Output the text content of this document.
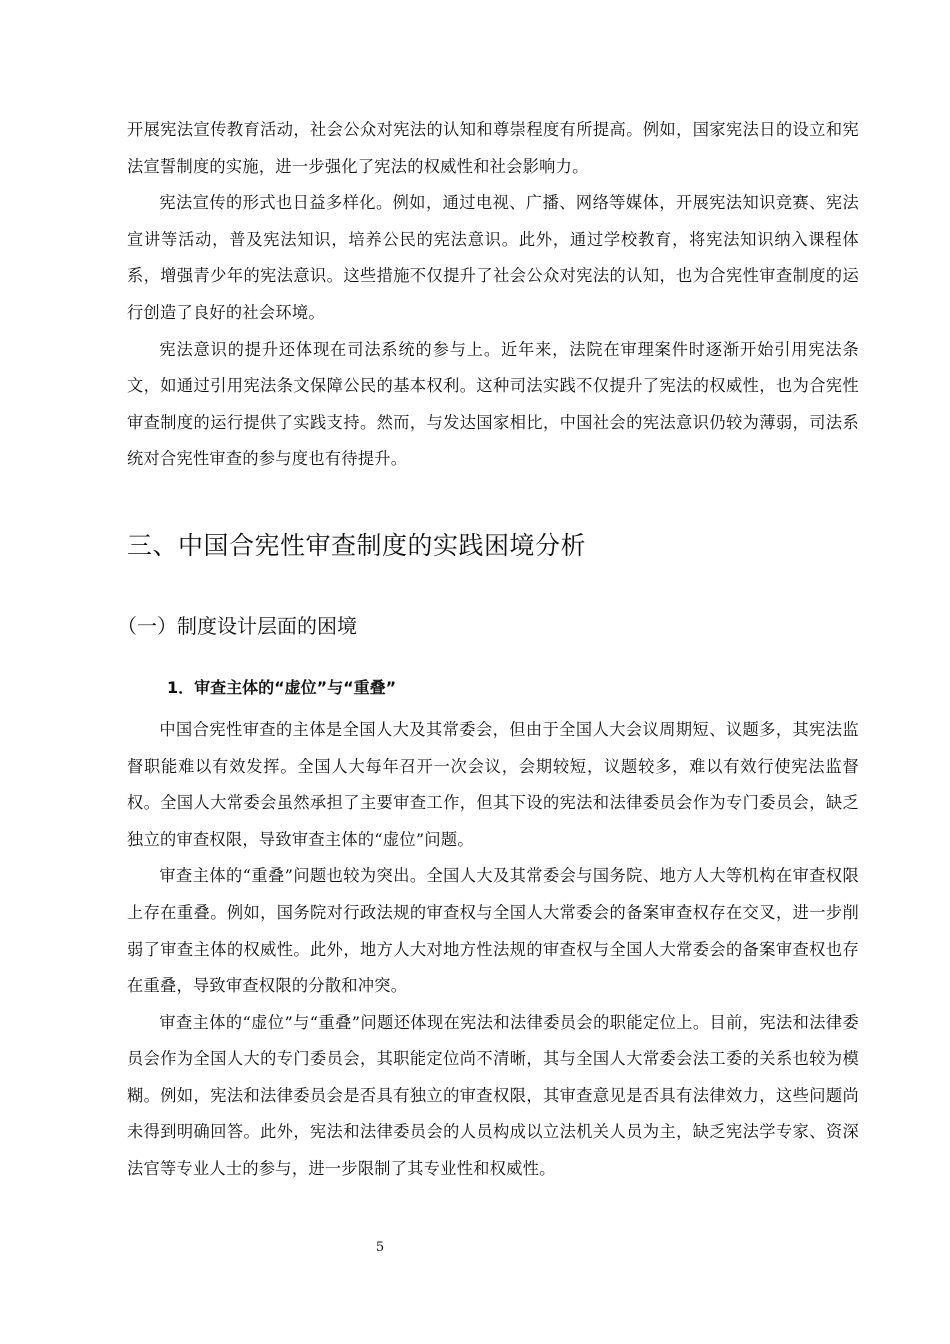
开展宪法宣传教育活动，社会公众对宪法的认知和尊崇程度有所提高。例如，国家宪法日的设立和宪法宣誓制度的实施，进一步强化了宪法的权威性和社会影响力。

宪法宣传的形式也日益多样化。例如，通过电视、广播、网络等媒体，开展宪法知识竞赛、宪法宣讲等活动，普及宪法知识，培养公民的宪法意识。此外，通过学校教育，将宪法知识纳入课程体系，增强青少年的宪法意识。这些措施不仅提升了社会公众对宪法的认知，也为合宪性审查制度的运行创造了良好的社会环境。

宪法意识的提升还体现在司法系统的参与上。近年来，法院在审理案件时逐渐开始引用宪法条文，如通过引用宪法条文保障公民的基本权利。这种司法实践不仅提升了宪法的权威性，也为合宪性审查制度的运行提供了实践支持。然而，与发达国家相比，中国社会的宪法意识仍较为薄弱，司法系统对合宪性审查的参与度也有待提升。

三、中国合宪性审查制度的实践困境分析
（一）制度设计层面的困境
1．审查主体的“虚位”与“重叠”

中国合宪性审查的主体是全国人大及其常委会，但由于全国人大会议周期短、议题多，其宪法监督职能难以有效发挥。全国人大每年召开一次会议，会期较短，议题较多，难以有效行使宪法监督权。全国人大常委会虽然承担了主要审查工作，但其下设的宪法和法律委员会作为专门委员会，缺乏独立的审查权限，导致审查主体的“虚位”问题。

审查主体的“重叠”问题也较为突出。全国人大及其常委会与国务院、地方人大等机构在审查权限上存在重叠。例如，国务院对行政法规的审查权与全国人大常委会的备案审查权存在交叉，进一步削弱了审查主体的权威性。此外，地方人大对地方性法规的审查权与全国人大常委会的备案审查权也存在重叠，导致审查权限的分散和冲突。

审查主体的“虚位”与“重叠”问题还体现在宪法和法律委员会的职能定位上。目前，宪法和法律委员会作为全国人大的专门委员会，其职能定位尚不清晰，其与全国人大常委会法工委的关系也较为模糊。例如，宪法和法律委员会是否具有独立的审查权限，其审查意见是否具有法律效力，这些问题尚未得到明确回答。此外，宪法和法律委员会的人员构成以立法机关人员为主，缺乏宪法学专家、资深法官等专业人士的参与，进一步限制了其专业性和权威性。

5
